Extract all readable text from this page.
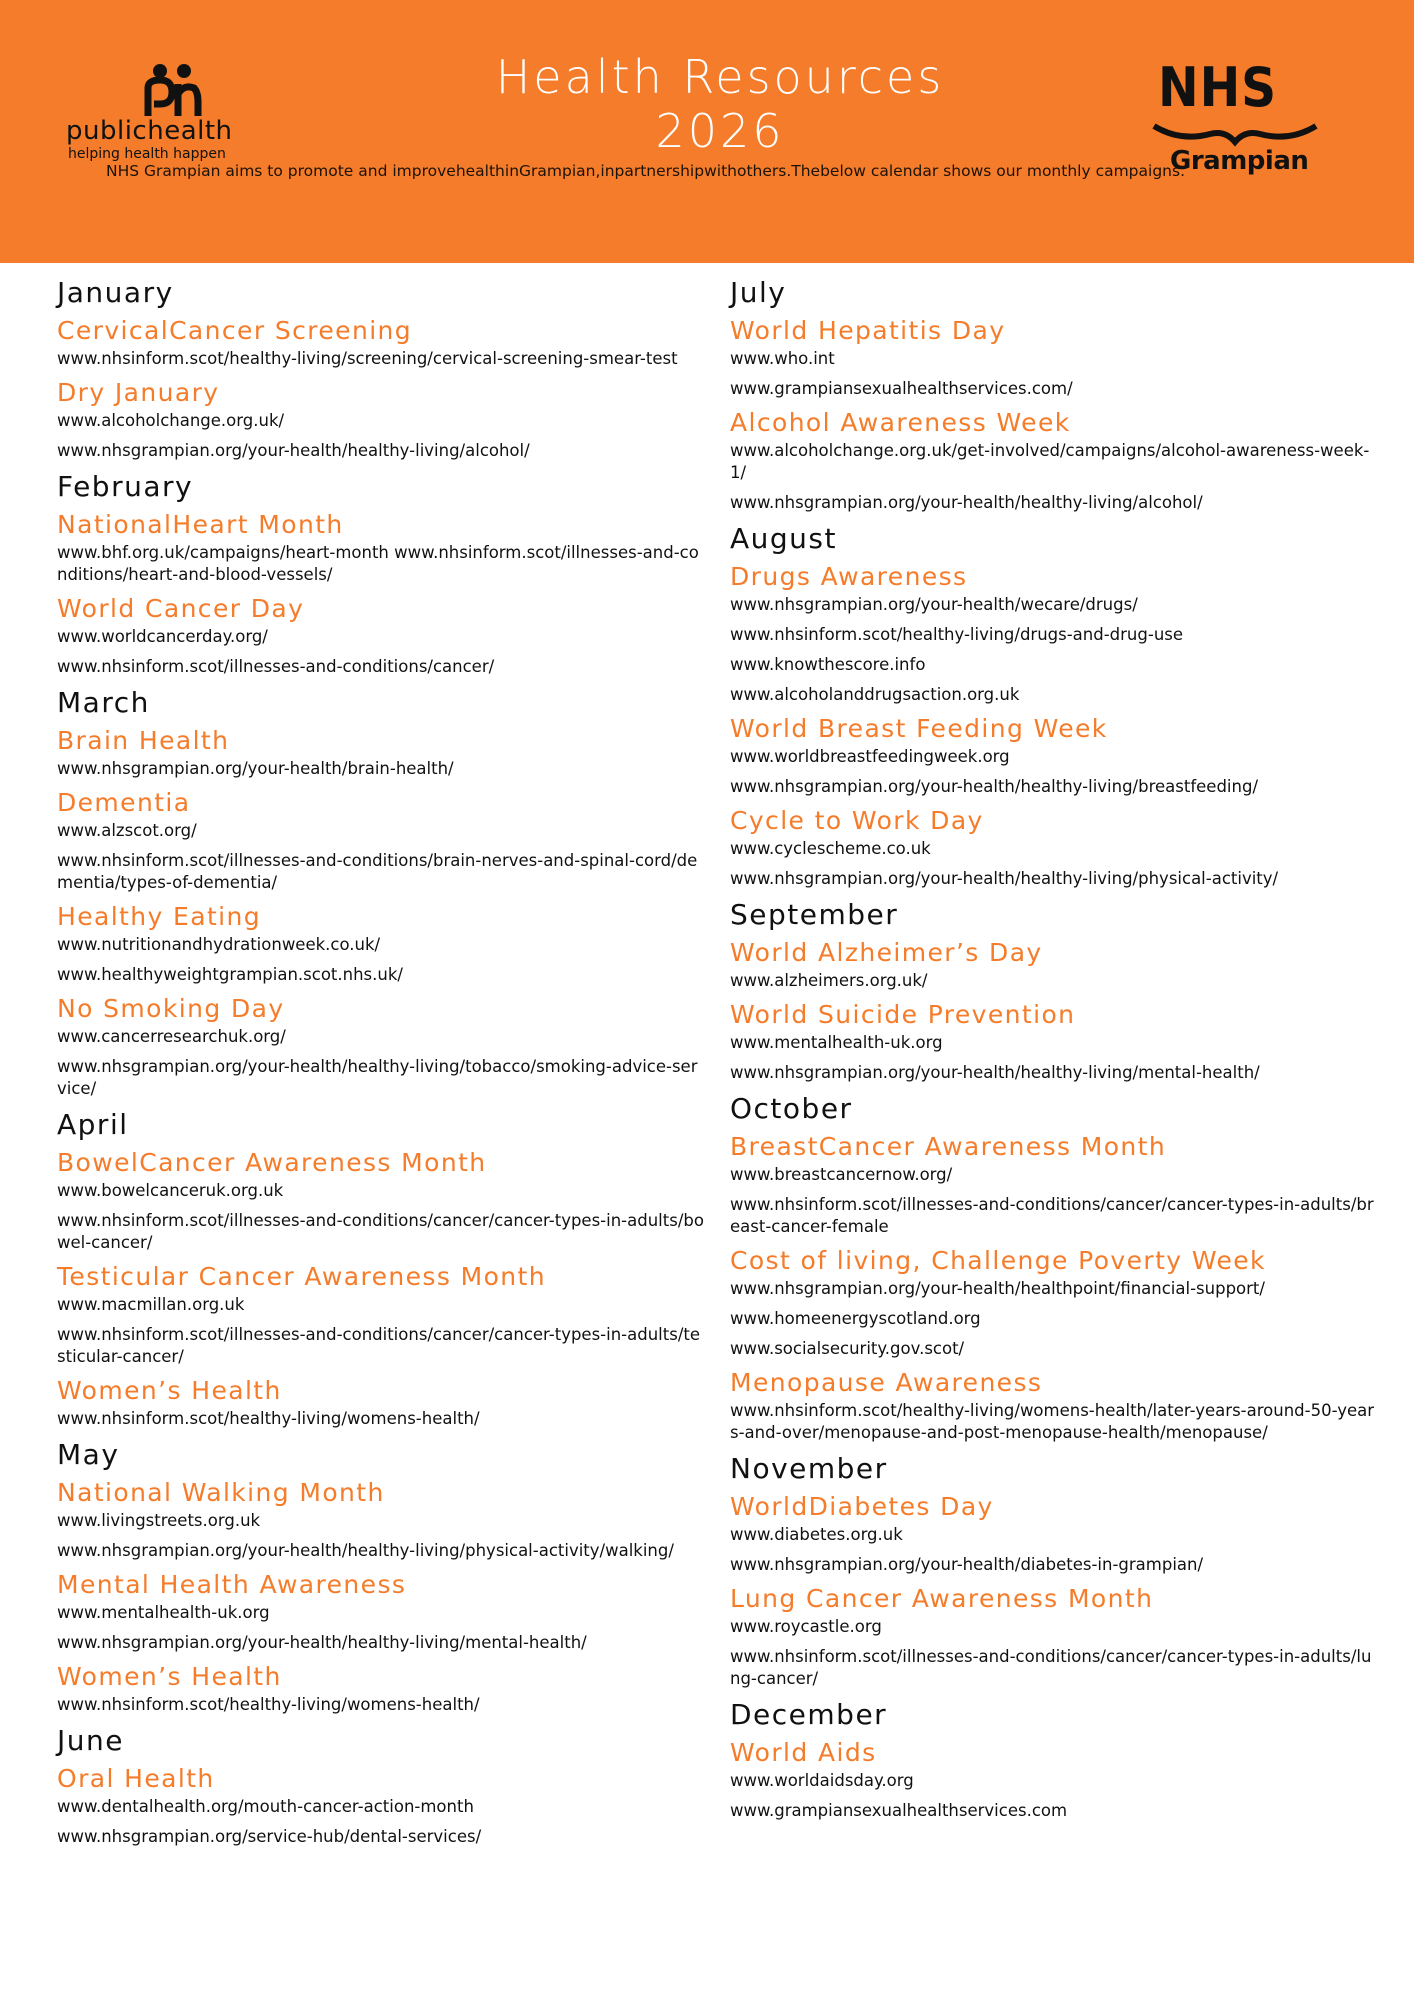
publichealth
helping health happen
Health Resources
2026
NHS
Grampian
NHS Grampian aims to promote and improvehealthinGrampian,inpartnershipwithothers.Thebelow calendar shows our monthly campaigns.
January
CervicalCancer Screening
www.nhsinform.scot/healthy-living/screening/cervical-screening-smear-test
Dry January
www.alcoholchange.org.uk/
www.nhsgrampian.org/your-health/healthy-living/alcohol/
February
NationalHeart Month
www.bhf.org.uk/campaigns/heart-month www.nhsinform.scot/illnesses-and-conditions/heart-and-blood-vessels/
World Cancer Day
www.worldcancerday.org/
www.nhsinform.scot/illnesses-and-conditions/cancer/
March
Brain Health
www.nhsgrampian.org/your-health/brain-health/
Dementia
www.alzscot.org/
www.nhsinform.scot/illnesses-and-conditions/brain-nerves-and-spinal-cord/dementia/types-of-dementia/
Healthy Eating
www.nutritionandhydrationweek.co.uk/
www.healthyweightgrampian.scot.nhs.uk/
No Smoking Day
www.cancerresearchuk.org/
www.nhsgrampian.org/your-health/healthy-living/tobacco/smoking-advice-service/
April
BowelCancer Awareness Month
www.bowelcanceruk.org.uk
www.nhsinform.scot/illnesses-and-conditions/cancer/cancer-types-in-adults/bowel-cancer/
Testicular Cancer Awareness Month
www.macmillan.org.uk
www.nhsinform.scot/illnesses-and-conditions/cancer/cancer-types-in-adults/testicular-cancer/
Women’s Health
www.nhsinform.scot/healthy-living/womens-health/
May
National Walking Month
www.livingstreets.org.uk
www.nhsgrampian.org/your-health/healthy-living/physical-activity/walking/
Mental Health Awareness
www.mentalhealth-uk.org
www.nhsgrampian.org/your-health/healthy-living/mental-health/
Women’s Health
www.nhsinform.scot/healthy-living/womens-health/
June
Oral Health
www.dentalhealth.org/mouth-cancer-action-month
www.nhsgrampian.org/service-hub/dental-services/
July
World Hepatitis Day
www.who.int
www.grampiansexualhealthservices.com/
Alcohol Awareness Week
www.alcoholchange.org.uk/get-involved/campaigns/alcohol-awareness-week-1/
www.nhsgrampian.org/your-health/healthy-living/alcohol/
August
Drugs Awareness
www.nhsgrampian.org/your-health/wecare/drugs/
www.nhsinform.scot/healthy-living/drugs-and-drug-use
www.knowthescore.info
www.alcoholanddrugsaction.org.uk
World Breast Feeding Week
www.worldbreastfeedingweek.org
www.nhsgrampian.org/your-health/healthy-living/breastfeeding/
Cycle to Work Day
www.cyclescheme.co.uk
www.nhsgrampian.org/your-health/healthy-living/physical-activity/
September
World Alzheimer’s Day
www.alzheimers.org.uk/
World Suicide Prevention
www.mentalhealth-uk.org
www.nhsgrampian.org/your-health/healthy-living/mental-health/
October
BreastCancer Awareness Month
www.breastcancernow.org/
www.nhsinform.scot/illnesses-and-conditions/cancer/cancer-types-in-adults/breast-cancer-female
Cost of living, Challenge Poverty Week
www.nhsgrampian.org/your-health/healthpoint/financial-support/
www.homeenergyscotland.org
www.socialsecurity.gov.scot/
Menopause Awareness
www.nhsinform.scot/healthy-living/womens-health/later-years-around-50-years-and-over/menopause-and-post-menopause-health/menopause/
November
WorldDiabetes Day
www.diabetes.org.uk
www.nhsgrampian.org/your-health/diabetes-in-grampian/
Lung Cancer Awareness Month
www.roycastle.org
www.nhsinform.scot/illnesses-and-conditions/cancer/cancer-types-in-adults/lung-cancer/
December
World Aids
www.worldaidsday.org
www.grampiansexualhealthservices.com
